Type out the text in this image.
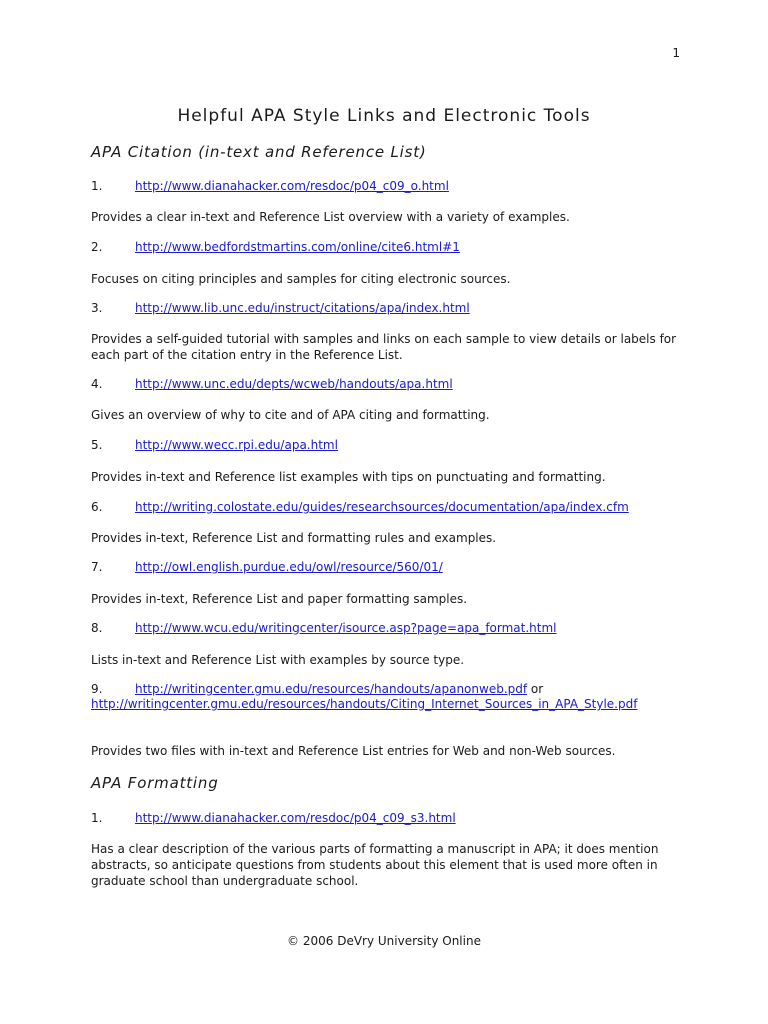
1
Helpful APA Style Links and Electronic Tools
APA Citation (in-text and Reference List)
1.	http://www.dianahacker.com/resdoc/p04_c09_o.html
Provides a clear in-text and Reference List overview with a variety of examples.
2.	http://www.bedfordstmartins.com/online/cite6.html#1
Focuses on citing principles and samples for citing electronic sources.
3.	http://www.lib.unc.edu/instruct/citations/apa/index.html
Provides a self-guided tutorial with samples and links on each sample to view details or labels for each part of the citation entry in the Reference List.
4.	http://www.unc.edu/depts/wcweb/handouts/apa.html
Gives an overview of why to cite and of APA citing and formatting.
5.	http://www.wecc.rpi.edu/apa.html
Provides in-text and Reference list examples with tips on punctuating and formatting.
6.	http://writing.colostate.edu/guides/researchsources/documentation/apa/index.cfm
Provides in-text, Reference List and formatting rules and examples.
7.	http://owl.english.purdue.edu/owl/resource/560/01/
Provides in-text, Reference List and paper formatting samples.
8.	http://www.wcu.edu/writingcenter/isource.asp?page=apa_format.html
Lists in-text and Reference List with examples by source type.
9.	http://writingcenter.gmu.edu/resources/handouts/apanonweb.pdf or
http://writingcenter.gmu.edu/resources/handouts/Citing_Internet_Sources_in_APA_Style.pdf
Provides two files with in-text and Reference List entries for Web and non-Web sources.
APA Formatting
1.	http://www.dianahacker.com/resdoc/p04_c09_s3.html
Has a clear description of the various parts of formatting a manuscript in APA; it does mention abstracts, so anticipate questions from students about this element that is used more often in graduate school than undergraduate school.
© 2006 DeVry University Online
